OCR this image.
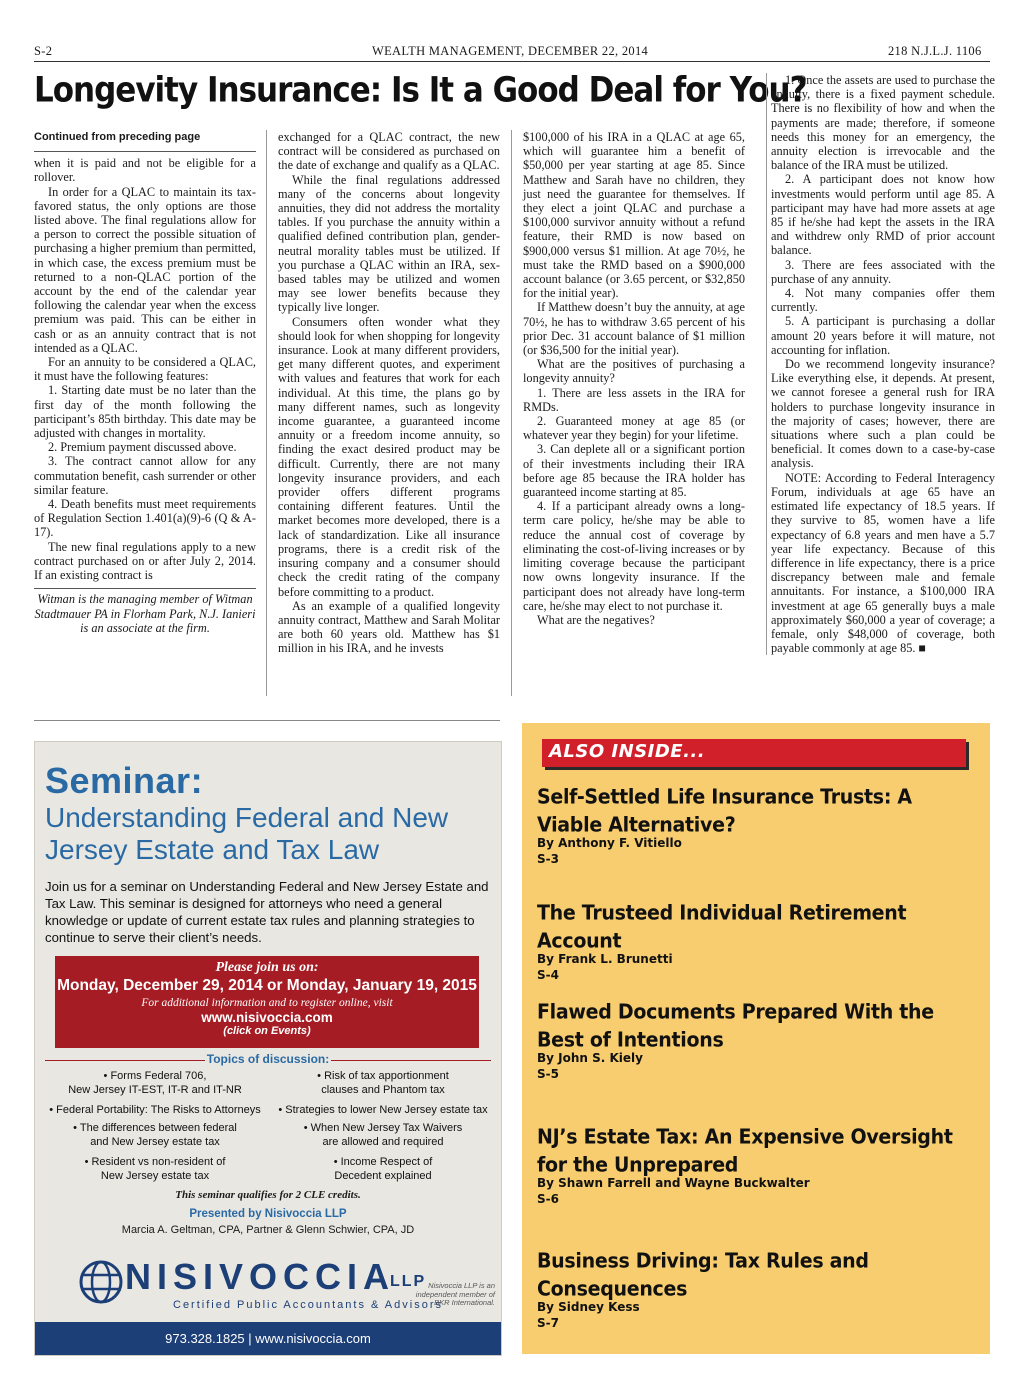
S-2	WEALTH MANAGEMENT, DECEMBER 22, 2014	218 N.J.L.J. 1106
Longevity Insurance: Is It a Good Deal for You?

Continued from preceding page

when it is paid and not be eligible for a rollover.

In order for a QLAC to maintain its tax-favored status, the only options are those listed above. The final regulations allow for a person to correct the possible situation of purchasing a higher premium than permitted, in which case, the excess premium must be returned to a non-QLAC portion of the account by the end of the calendar year following the calendar year when the excess premium was paid. This can be either in cash or as an annuity contract that is not intended as a QLAC.

For an annuity to be considered a QLAC, it must have the following features:

1. Starting date must be no later than the first day of the month following the participant’s 85th birthday. This date may be adjusted with changes in mortality.

2. Premium payment discussed above.

3. The contract cannot allow for any commutation benefit, cash surrender or other similar feature.

4. Death benefits must meet requirements of Regulation Section 1.401(a)(9)-6 (Q & A-17).

The new final regulations apply to a new contract purchased on or after July 2, 2014. If an existing contract is

Witman is the managing member of Witman Stadtmauer PA in Florham Park, N.J. Ianieri is an associate at the firm.

exchanged for a QLAC contract, the new contract will be considered as purchased on the date of exchange and qualify as a QLAC.

While the final regulations addressed many of the concerns about longevity annuities, they did not address the mortality tables. If you purchase the annuity within a qualified defined contribution plan, gender-neutral morality tables must be utilized. If you purchase a QLAC within an IRA, sex-based tables may be utilized and women may see lower benefits because they typically live longer.

Consumers often wonder what they should look for when shopping for longevity insurance. Look at many different providers, get many different quotes, and experiment with values and features that work for each individual. At this time, the plans go by many different names, such as longevity income guarantee, a guaranteed income annuity or a freedom income annuity, so finding the exact desired product may be difficult. Currently, there are not many longevity insurance providers, and each provider offers different programs containing different features. Until the market becomes more developed, there is a lack of standardization. Like all insurance programs, there is a credit risk of the insuring company and a consumer should check the credit rating of the company before committing to a product.

As an example of a qualified longevity annuity contract, Matthew and Sarah Molitar are both 60 years old. Matthew has $1 million in his IRA, and he invests

$100,000 of his IRA in a QLAC at age 65, which will guarantee him a benefit of $50,000 per year starting at age 85. Since Matthew and Sarah have no children, they just need the guarantee for themselves. If they elect a joint QLAC and purchase a $100,000 survivor annuity without a refund feature, their RMD is now based on $900,000 versus $1 million. At age 70½, he must take the RMD based on a $900,000 account balance (or 3.65 percent, or $32,850 for the initial year).

If Matthew doesn’t buy the annuity, at age 70½, he has to withdraw 3.65 percent of his prior Dec. 31 account balance of $1 million (or $36,500 for the initial year).

What are the positives of purchasing a longevity annuity?

1. There are less assets in the IRA for RMDs.

2. Guaranteed money at age 85 (or whatever year they begin) for your lifetime.

3. Can deplete all or a significant portion of their investments including their IRA before age 85 because the IRA holder has guaranteed income starting at 85.

4. If a participant already owns a long-term care policy, he/she may be able to reduce the annual cost of coverage by eliminating the cost-of-living increases or by limiting coverage because the participant now owns longevity insurance. If the participant does not already have long-term care, he/she may elect to not purchase it.

What are the negatives?

1. Once the assets are used to purchase the annuity, there is a fixed payment schedule. There is no flexibility of how and when the payments are made; therefore, if someone needs this money for an emergency, the annuity election is irrevocable and the balance of the IRA must be utilized.

2. A participant does not know how investments would perform until age 85. A participant may have had more assets at age 85 if he/she had kept the assets in the IRA and withdrew only RMD of prior account balance.

3. There are fees associated with the purchase of any annuity.

4. Not many companies offer them currently.

5. A participant is purchasing a dollar amount 20 years before it will mature, not accounting for inflation.

Do we recommend longevity insurance? Like everything else, it depends. At present, we cannot foresee a general rush for IRA holders to purchase longevity insurance in the majority of cases; however, there are situations where such a plan could be beneficial. It comes down to a case-by-case analysis.

NOTE: According to Federal Interagency Forum, individuals at age 65 have an estimated life expectancy of 18.5 years. If they survive to 85, women have a life expectancy of 6.8 years and men have a 5.7 year life expectancy. Because of this difference in life expectancy, there is a price discrepancy between male and female annuitants. For instance, a $100,000 IRA investment at age 65 generally buys a male approximately $60,000 a year of coverage; a female, only $48,000 of coverage, both payable commonly at age 85. ■

Seminar:
Understanding Federal and New Jersey Estate and Tax Law
Join us for a seminar on Understanding Federal and New Jersey Estate and Tax Law. This seminar is designed for attorneys who need a general knowledge or update of current estate tax rules and planning strategies to continue to serve their client’s needs.
Please join us on:
Monday, December 29, 2014 or Monday, January 19, 2015
For additional information and to register online, visit
www.nisivoccia.com
(click on Events)
Topics of discussion:
• Forms Federal 706,
New Jersey IT-EST, IT-R and IT-NR
• Federal Portability: The Risks to Attorneys
• The differences between federal
and New Jersey estate tax
• Resident vs non-resident of
New Jersey estate tax
• Risk of tax apportionment
clauses and Phantom tax
• Strategies to lower New Jersey estate tax
• When New Jersey Tax Waivers
are allowed and required
• Income Respect of
Decedent explained
This seminar qualifies for 2 CLE credits.
Presented by Nisivoccia LLP
Marcia A. Geltman, CPA, Partner & Glenn Schwier, CPA, JD
NISIVOCCIA
LLP
Certified Public Accountants & Advisors
Nisivoccia LLP is an independent member of BKR International.
973.328.1825 | www.nisivoccia.com
ALSO INSIDE...
Self-Settled Life Insurance Trusts: A Viable Alternative?
By Anthony F. Vitiello
S-3
The Trusteed Individual Retirement Account
By Frank L. Brunetti
S-4
Flawed Documents Prepared With the Best of Intentions
By John S. Kiely
S-5
NJ’s Estate Tax: An Expensive Oversight for the Unprepared
By Shawn Farrell and Wayne Buckwalter
S-6
Business Driving: Tax Rules and Consequences
By Sidney Kess
S-7
